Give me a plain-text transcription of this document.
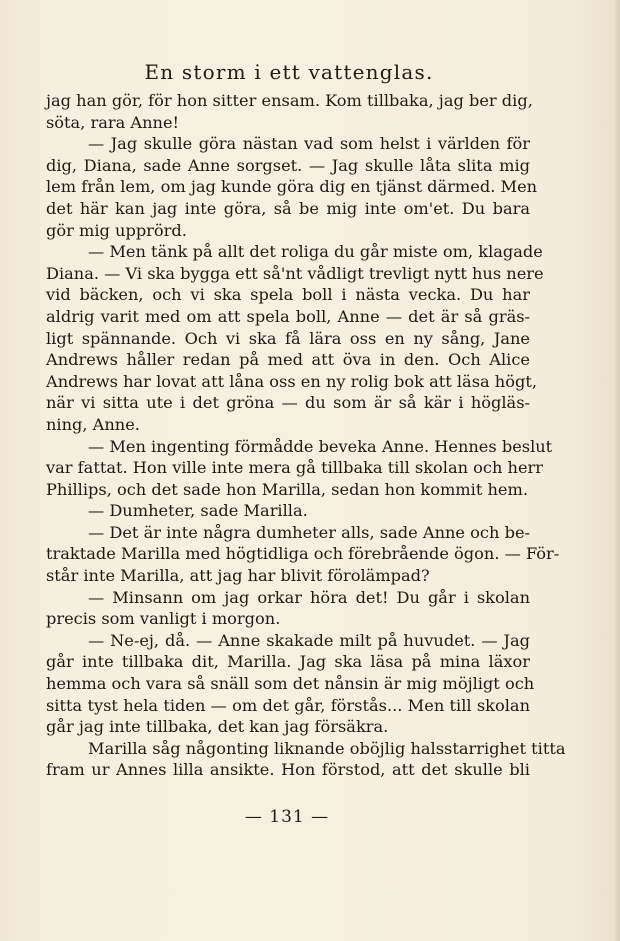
En storm i ett vattenglas.
jag han gör, för hon sitter ensam. Kom tillbaka, jag ber dig,
söta, rara Anne!
— Jag skulle göra nästan vad som helst i världen för
dig, Diana, sade Anne sorgset. — Jag skulle låta slita mig
lem från lem, om jag kunde göra dig en tjänst därmed. Men
det här kan jag inte göra, så be mig inte om'et. Du bara
gör mig upprörd.
— Men tänk på allt det roliga du går miste om, klagade
Diana. — Vi ska bygga ett så'nt vådligt trevligt nytt hus nere
vid bäcken, och vi ska spela boll i nästa vecka. Du har
aldrig varit med om att spela boll, Anne — det är så gräs-
ligt spännande. Och vi ska få lära oss en ny sång, Jane
Andrews håller redan på med att öva in den. Och Alice
Andrews har lovat att låna oss en ny rolig bok att läsa högt,
när vi sitta ute i det gröna — du som är så kär i högläs-
ning, Anne.
— Men ingenting förmådde beveka Anne. Hennes beslut
var fattat. Hon ville inte mera gå tillbaka till skolan och herr
Phillips, och det sade hon Marilla, sedan hon kommit hem.
— Dumheter, sade Marilla.
— Det är inte några dumheter alls, sade Anne och be-
traktade Marilla med högtidliga och förebrående ögon. — För-
står inte Marilla, att jag har blivit förolämpad?
— Minsann om jag orkar höra det! Du går i skolan
precis som vanligt i morgon.
— Ne-ej, då. — Anne skakade milt på huvudet. — Jag
går inte tillbaka dit, Marilla. Jag ska läsa på mina läxor
hemma och vara så snäll som det nånsin är mig möjligt och
sitta tyst hela tiden — om det går, förstås... Men till skolan
går jag inte tillbaka, det kan jag försäkra.
Marilla såg någonting liknande oböjlig halsstarrighet titta
fram ur Annes lilla ansikte. Hon förstod, att det skulle bli
— 131 —
